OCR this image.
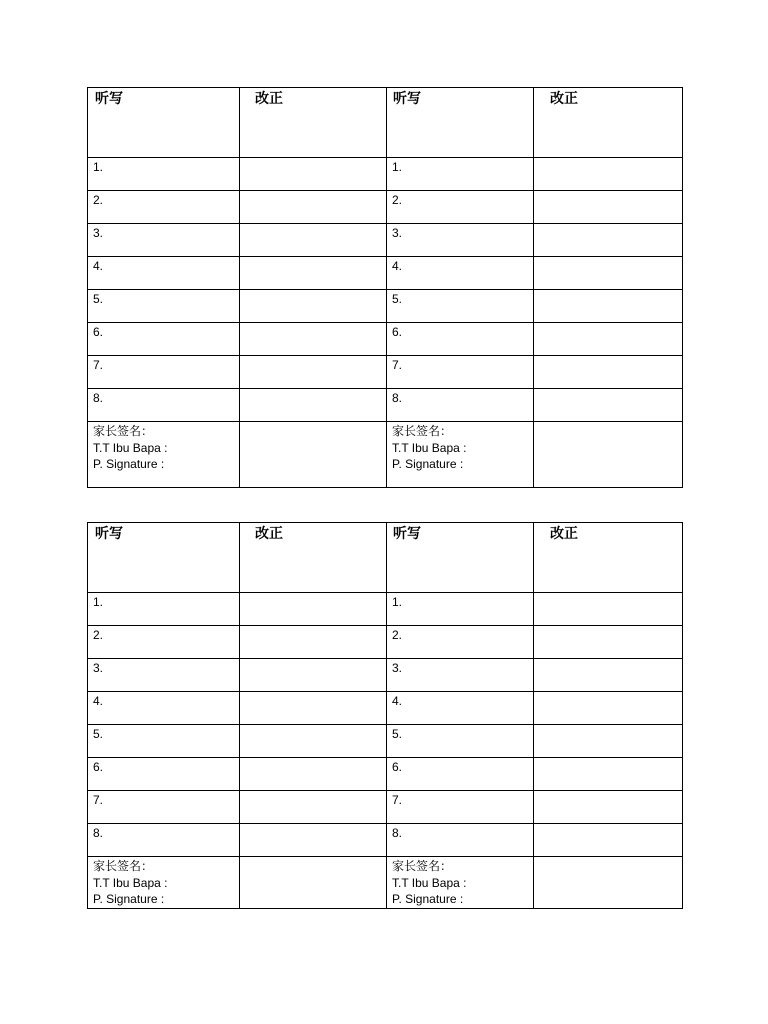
听写	改正	听写	改正

1.		1.	

2.		2.	

3.		3.	

4.		4.	

5.		5.	

6.		6.	

7.		7.	

8.		8.	

家长签名：
T.T Ibu Bapa :
P. Signature :		家长签名：
T.T Ibu Bapa :
P. Signature :	

听写	改正	听写	改正

1.		1.	

2.		2.	

3.		3.	

4.		4.	

5.		5.	

6.		6.	

7.		7.	

8.		8.	

家长签名：
T.T Ibu Bapa :
P. Signature :		家长签名：
T.T Ibu Bapa :
P. Signature :	
